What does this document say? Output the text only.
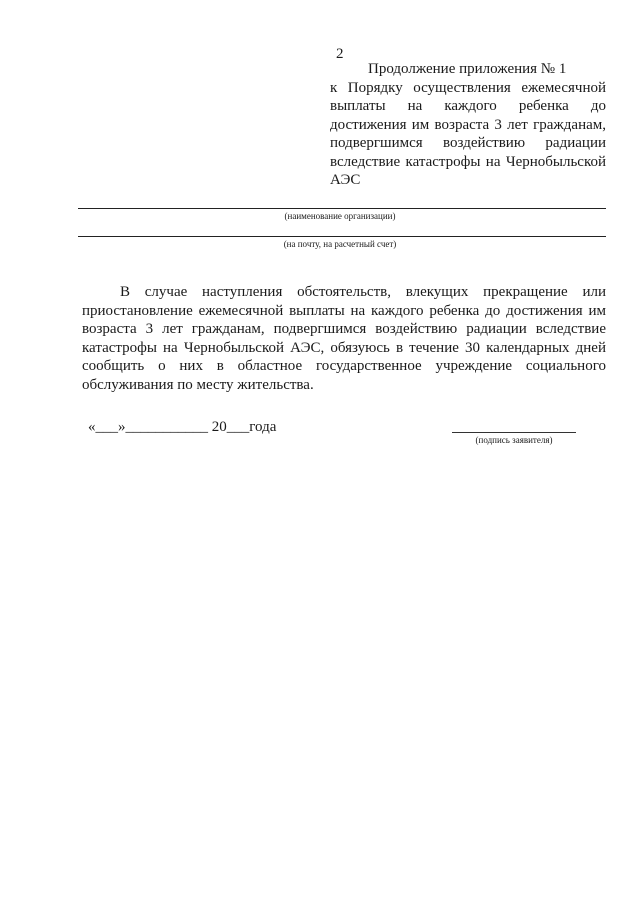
2
Продолжение приложения № 1
к Порядку осуществления ежемесячной выплаты на каждого ребенка до достижения им возраста 3 лет гражданам, подвергшимся воздействию радиации вследствие катастрофы на Чернобыльской АЭС
(наименование организации)
(на почту, на расчетный счет)
В случае наступления обстоятельств, влекущих прекращение или приостановление ежемесячной выплаты на каждого ребенка до достижения им возраста 3 лет гражданам, подвергшимся воздействию радиации вследствие катастрофы на Чернобыльской АЭС, обязуюсь в течение 30 календарных дней сообщить о них в областное государственное учреждение социального обслуживания по месту жительства.
«___»___________ 20___года
(подпись заявителя)
